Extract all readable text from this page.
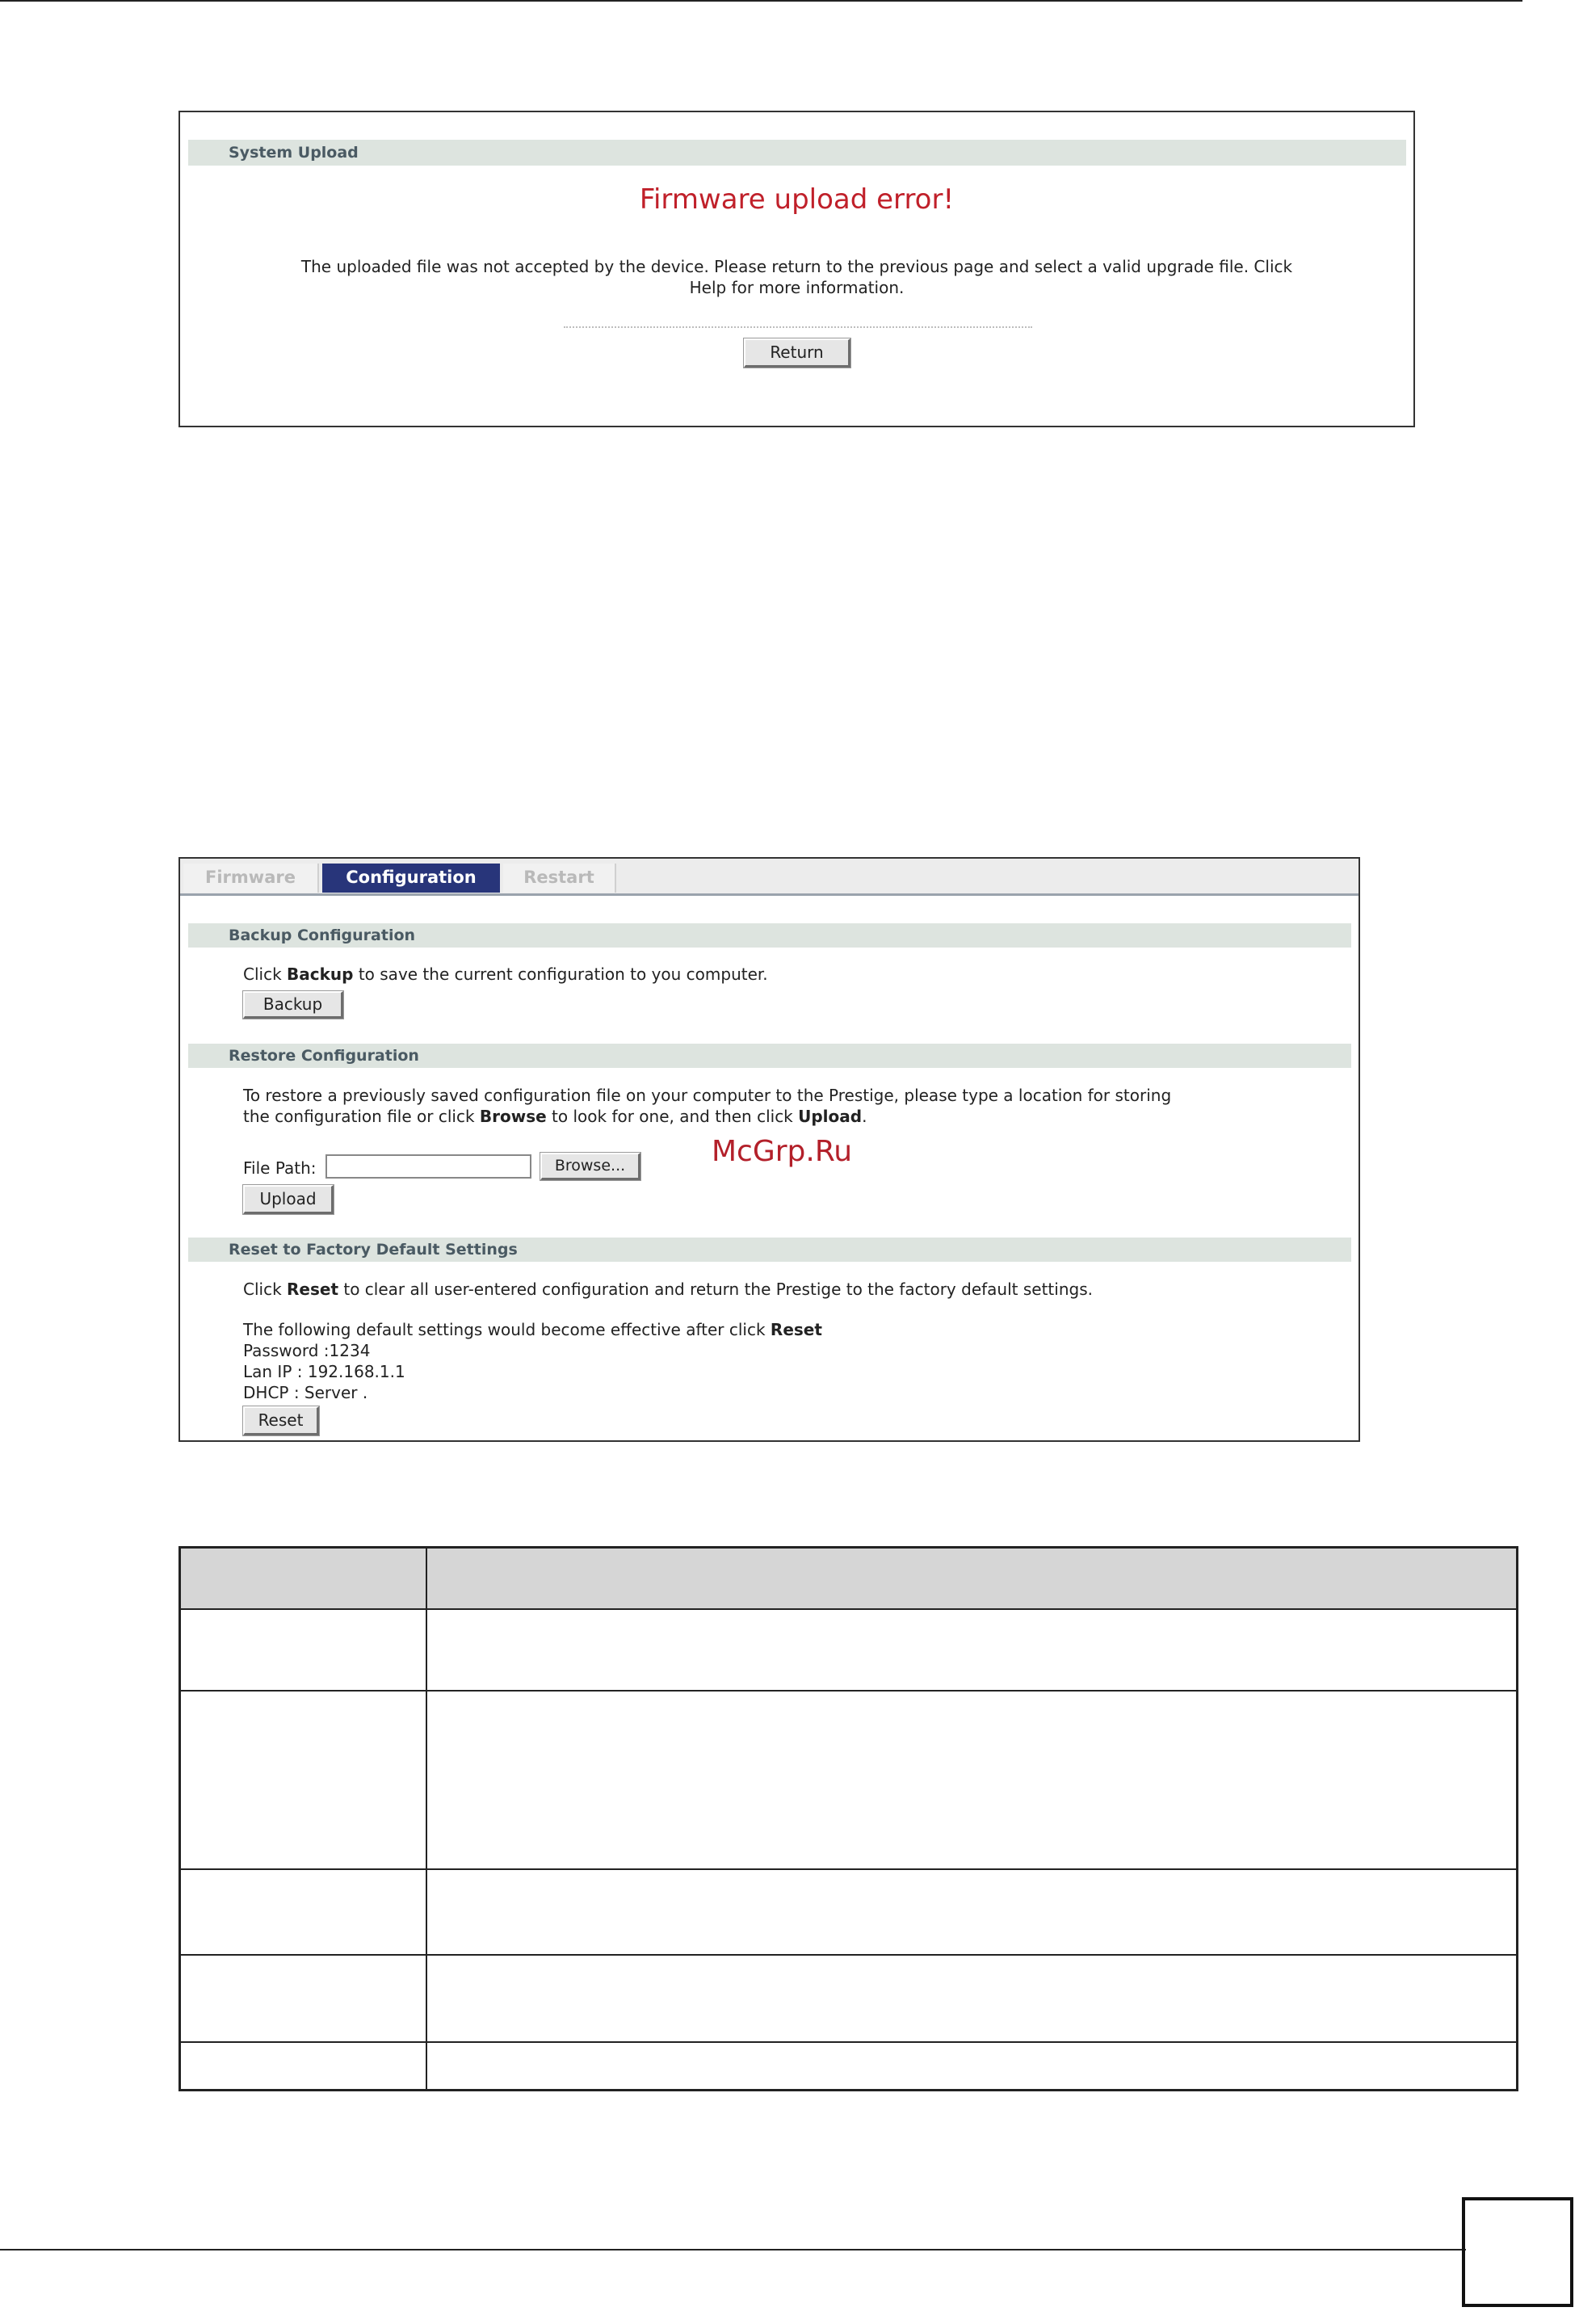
System Upload
Firmware upload error!
The uploaded file was not accepted by the device. Please return to the previous page and select a valid upgrade file. Click
Help for more information.
Return
Firmware	Configuration	Restart
Backup Configuration
Click Backup to save the current configuration to you computer.
Backup
Restore Configuration
To restore a previously saved configuration file on your computer to the Prestige, please type a location for storing
the configuration file or click Browse to look for one, and then click Upload.
File Path:	Browse...
Upload
McGrp.Ru
Reset to Factory Default Settings
Click Reset to clear all user-entered configuration and return the Prestige to the factory default settings.
The following default settings would become effective after click Reset
Password :1234
Lan IP : 192.168.1.1
DHCP : Server .
Reset
